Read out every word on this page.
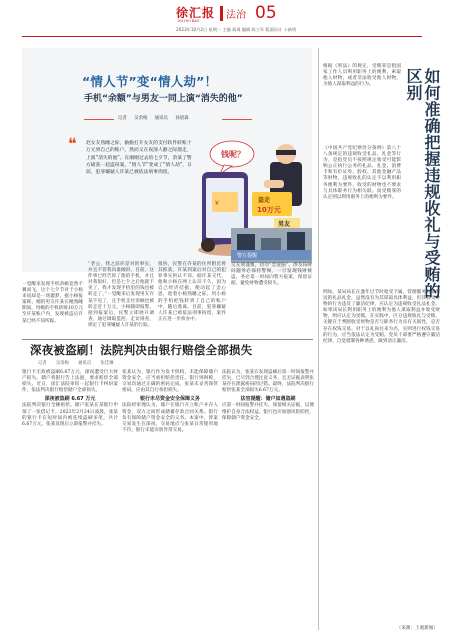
徐汇报
XU HUI BAO	法治 05
2023年10月2日 星期一 主编 蒋周 编辑 陈立军 版面设计 卜新明
“情人节”变“情人劫”！
手机“余额”与男友一同上演“消失的他”
记者 吴余梅 通讯员 孙晨森
❝ 赵女友熟睡之际，偷偷打开女友的支付软件转账十万元到自己的账户，然而又在夜深人静之际溜走，上演“消失的他”。在刚刚过去的七夕节，余某了警方破获一起盗窃案，“情人节”变成了“情人劫”，日前，犯罪嫌疑人许某已被依法刑事拘留。
钱呢？
¥	盗走
10万元
男友
一觉醒来发现手机余额竟然不翼而飞，这个七夕节对于小杨来说却是一场噩梦。据小杨报案称，她的男友许某在她熟睡期间，用她的手机转账10万元至许某账户内，发现被盗后许某已经不知所踪。
“老公，我之前你是对的事实，并且不管我向谁倾诉，目前，这件事已经告诉了他的手机，并且对我很好，但是七夕之后他就不见了，我才发现手机里的钱也被转走了。”一觉醒来后发现男友许某不见了，且手机支付余额也被转走近十万元，小杨随即报警。接到报案后，民警立即展开调查，通过调取监控、走访排查，锁定了犯罪嫌疑人许某的行踪。
很快，民警在许某的住所附近将其抓获。许某到案后对自己的犯罪事实供认不讳。据许某交代，他和小杨在网上认识不久，因为自己经济拮据，便动起了歪心思，趁着小杨熟睡之际，用小杨的手机把钱转到了自己的账户中，随后逃离。目前，犯罪嫌疑人许某已被依法刑事拘留，案件正在进一步侦办中。
警方提醒
交友须谨慎，切勿“恋爱脑”。涉及钱财问题务必保持警惕，一旦发现钱财被盗，务必第一时间向警方报案，保留证据，避免财物遭受损失。
深夜被盗刷！法院判决由银行赔偿全部损失
记者 吴余梅 通讯员 张佳琳

银行卡无故被盗刷6.67万元，深夜遭受巨大财产损失。储户将银行告上法庭，要求赔偿全部损失。近日，徐汇法院审结一起银行卡纠纷案件，依法判决银行赔偿储户全部损失。

深夜被盗刷 6.67 万元

法院判决银行全额赔偿。储户张某在某银行申领了一张借记卡。2023年2月24日凌晨，张某的银行卡在短时间内被连续盗刷多笔，共计6.67万元，张某发现后立即报警并挂失。

张某认为，银行作为发卡机构，未能保障储户资金安全，应当承担赔偿责任。银行则辩称，交易均通过正确的密码完成，张某未妥善保管密码，应由其自行承担损失。

银行未尽资金安全保障义务

法院经审理认为，储户在银行开立账户并存入资金，双方之间形成储蓄存款合同关系。银行负有保障储户资金安全的义务。本案中，涉案交易发生在深夜，交易地点与张某日常使用地不符，银行未能识别异常交易。

法院认为，张某在发现盗刷后第一时间报警并挂失，已尽到合理注意义务，且无证据表明张某存在泄露密码的过错。最终，法院判决银行赔偿张某全部损失6.67万元。

法官提醒：储户如遇盗刷

应第一时间报警并挂失，保留相关证据，以便维护自身合法权益。银行也应加强风险防控，保障储户资金安全。

根据《刑法》的规定，受贿罪是指国家工作人员利用职务上的便利，索取他人财物，或者非法收受他人财物，为他人谋取利益的行为。	如何准确把握违规收礼与受贿的区别
《中国共产党纪律处分条例》第八十八条规定的违规收受礼品、礼金等行为，是指党员不按照规定收受可能影响公正执行公务的礼品、礼金、消费卡和有价证券、股权、其他金融产品等财物。违规收礼的认定不以利用职务便利为要件，收受的财物也不要求与具体职务行为相关联。而受贿罪的认定则以利用职务上的便利为要件。
例如，某局局长在逢年过节时收受下属、管理服务对象所送的礼品礼金，虽然没有为其谋取具体利益，但其收受财物的行为违反了廉洁纪律，应认定为违规收受礼品礼金。如果该局长利用职务上的便利为他人谋取利益并收受财物，则应认定为受贿。在实践中，区分违规收礼与受贿，关键在于判断收受财物是否与职务行为具有关联性，是否存在权钱交易。对于以礼尚往来为名，实则进行权钱交易的行为，应当依法认定为受贿。党员干部要严格遵守廉洁纪律，自觉抵制各种诱惑，做到清正廉洁。
（来源：上观新闻）
